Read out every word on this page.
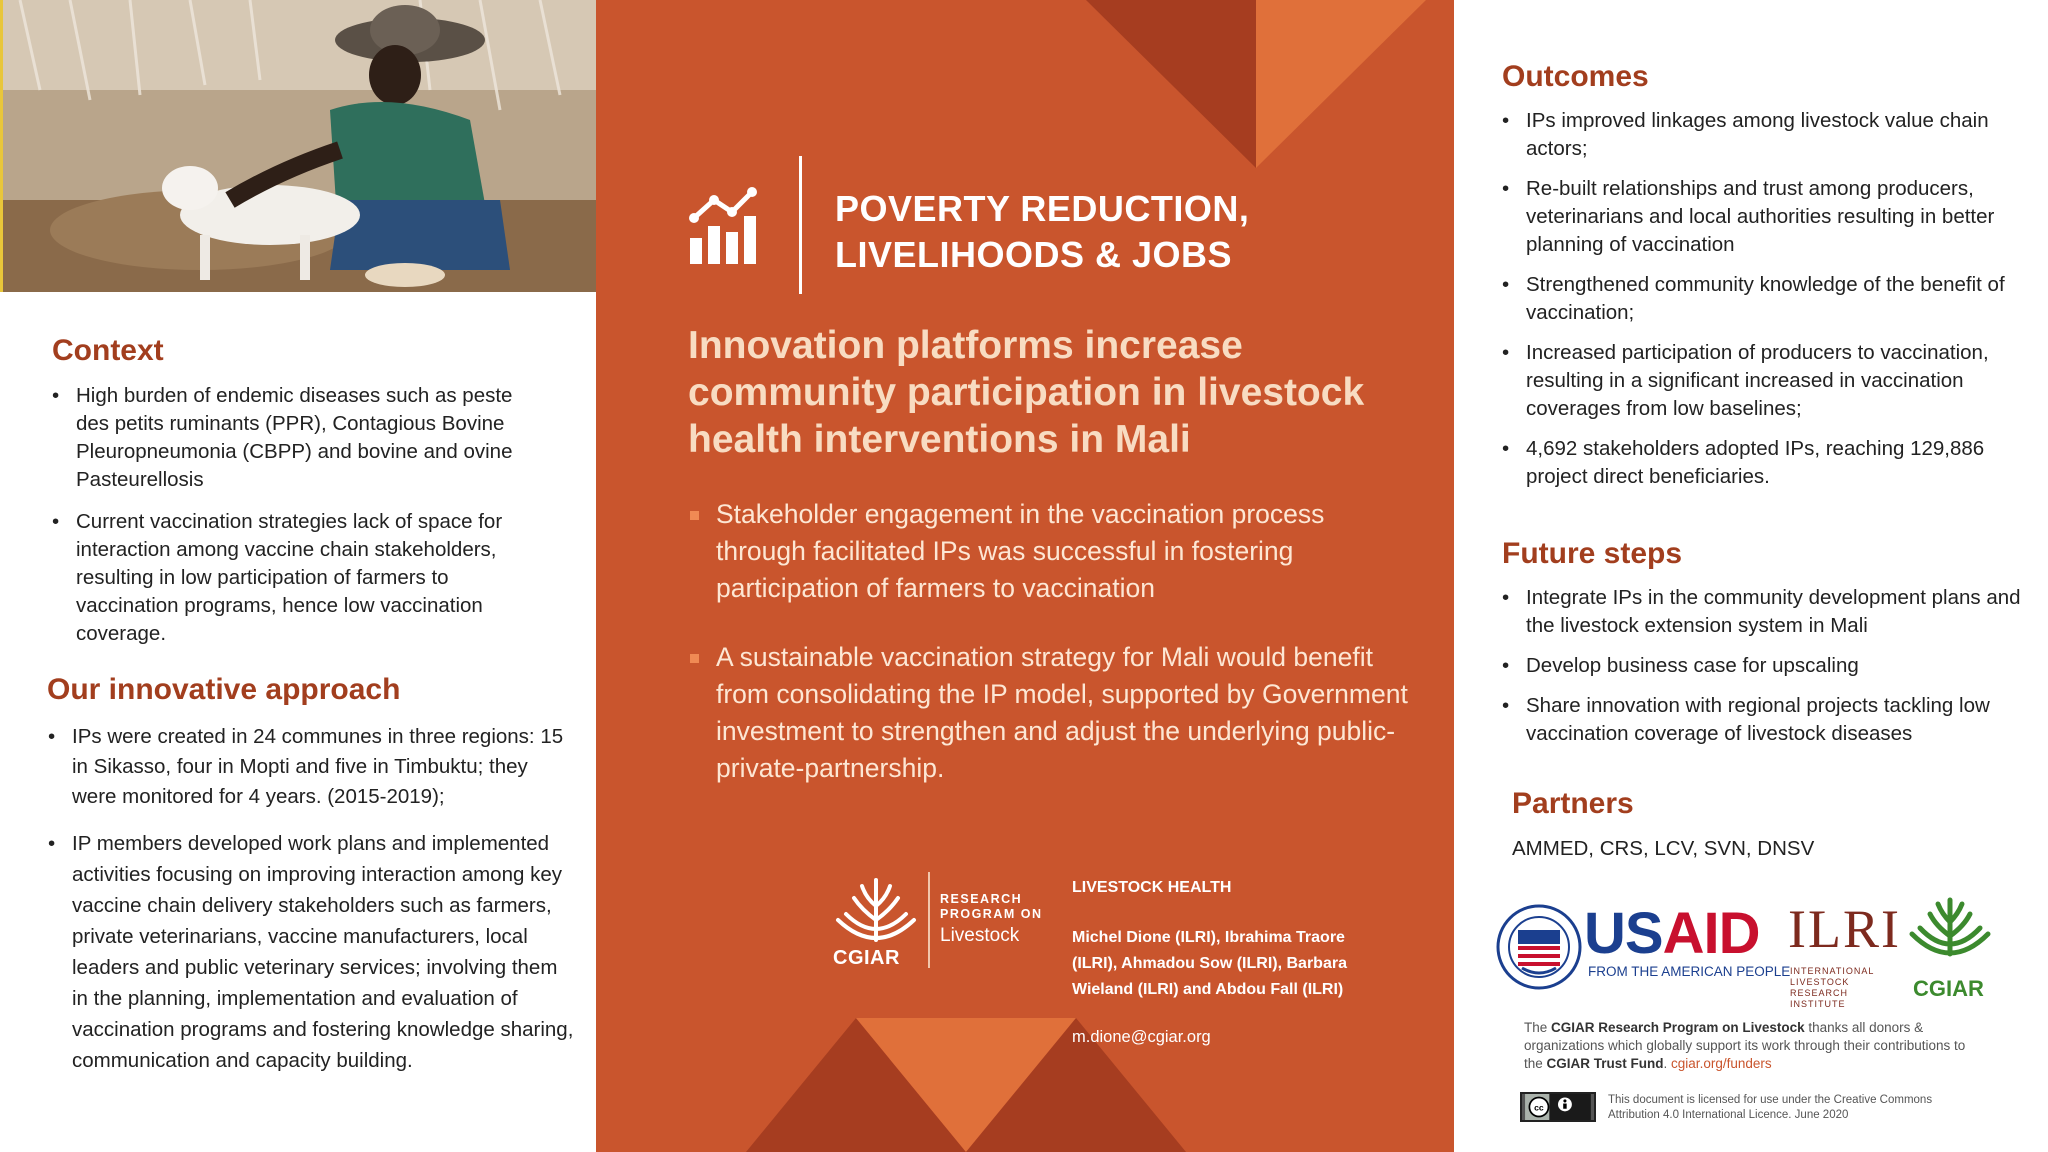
Context
• High burden of endemic diseases such as peste des petits ruminants (PPR), Contagious Bovine Pleuropneumonia (CBPP) and bovine and ovine Pasteurellosis
• Current vaccination strategies lack of space for interaction among vaccine chain stakeholders, resulting in low participation of farmers to vaccination programs, hence low vaccination coverage.
Our innovative approach
• IPs were created in 24 communes in three regions: 15 in Sikasso, four in Mopti and five in Timbuktu; they were monitored for 4 years. (2015-2019);
• IP members developed work plans and implemented activities focusing on improving interaction among key vaccine chain delivery stakeholders such as farmers, private veterinarians, vaccine manufacturers, local leaders and public veterinary services; involving them in the planning, implementation and evaluation of vaccination programs and fostering knowledge sharing, communication and capacity building.
POVERTY REDUCTION,
LIVELIHOODS & JOBS
Innovation platforms increase community participation in livestock health interventions in Mali
Stakeholder engagement in the vaccination process through facilitated IPs was successful in fostering participation of farmers to vaccination
A sustainable vaccination strategy for Mali would benefit from consolidating the IP model, supported by Government investment to strengthen and adjust the underlying public-private-partnership.
CGIAR
RESEARCH PROGRAM ON
Livestock
LIVESTOCK HEALTH

Michel Dione (ILRI), Ibrahima Traore (ILRI), Ahmadou Sow (ILRI), Barbara Wieland (ILRI) and Abdou Fall (ILRI)

m.dione@cgiar.org
Outcomes
• IPs improved linkages among livestock value chain actors;
• Re-built relationships and trust among producers, veterinarians and local authorities resulting in better planning of vaccination
• Strengthened community knowledge of the benefit of vaccination;
• Increased participation of producers to vaccination, resulting in a significant increased in vaccination coverages from low baselines;
• 4,692 stakeholders adopted IPs, reaching 129,886 project direct beneficiaries.
Future steps
• Integrate IPs in the community development plans and the livestock extension system in Mali
• Develop business case for upscaling
• Share innovation with regional projects tackling low vaccination coverage of livestock diseases
Partners
AMMED, CRS, LCV, SVN, DNSV
USAID
FROM THE AMERICAN PEOPLE
ILRI
INTERNATIONAL LIVESTOCK RESEARCH INSTITUTE
CGIAR

The CGIAR Research Program on Livestock thanks all donors & organizations which globally support its work through their contributions to the CGIAR Trust Fund. cgiar.org/funders

cc

This document is licensed for use under the Creative Commons Attribution 4.0 International Licence. June 2020
